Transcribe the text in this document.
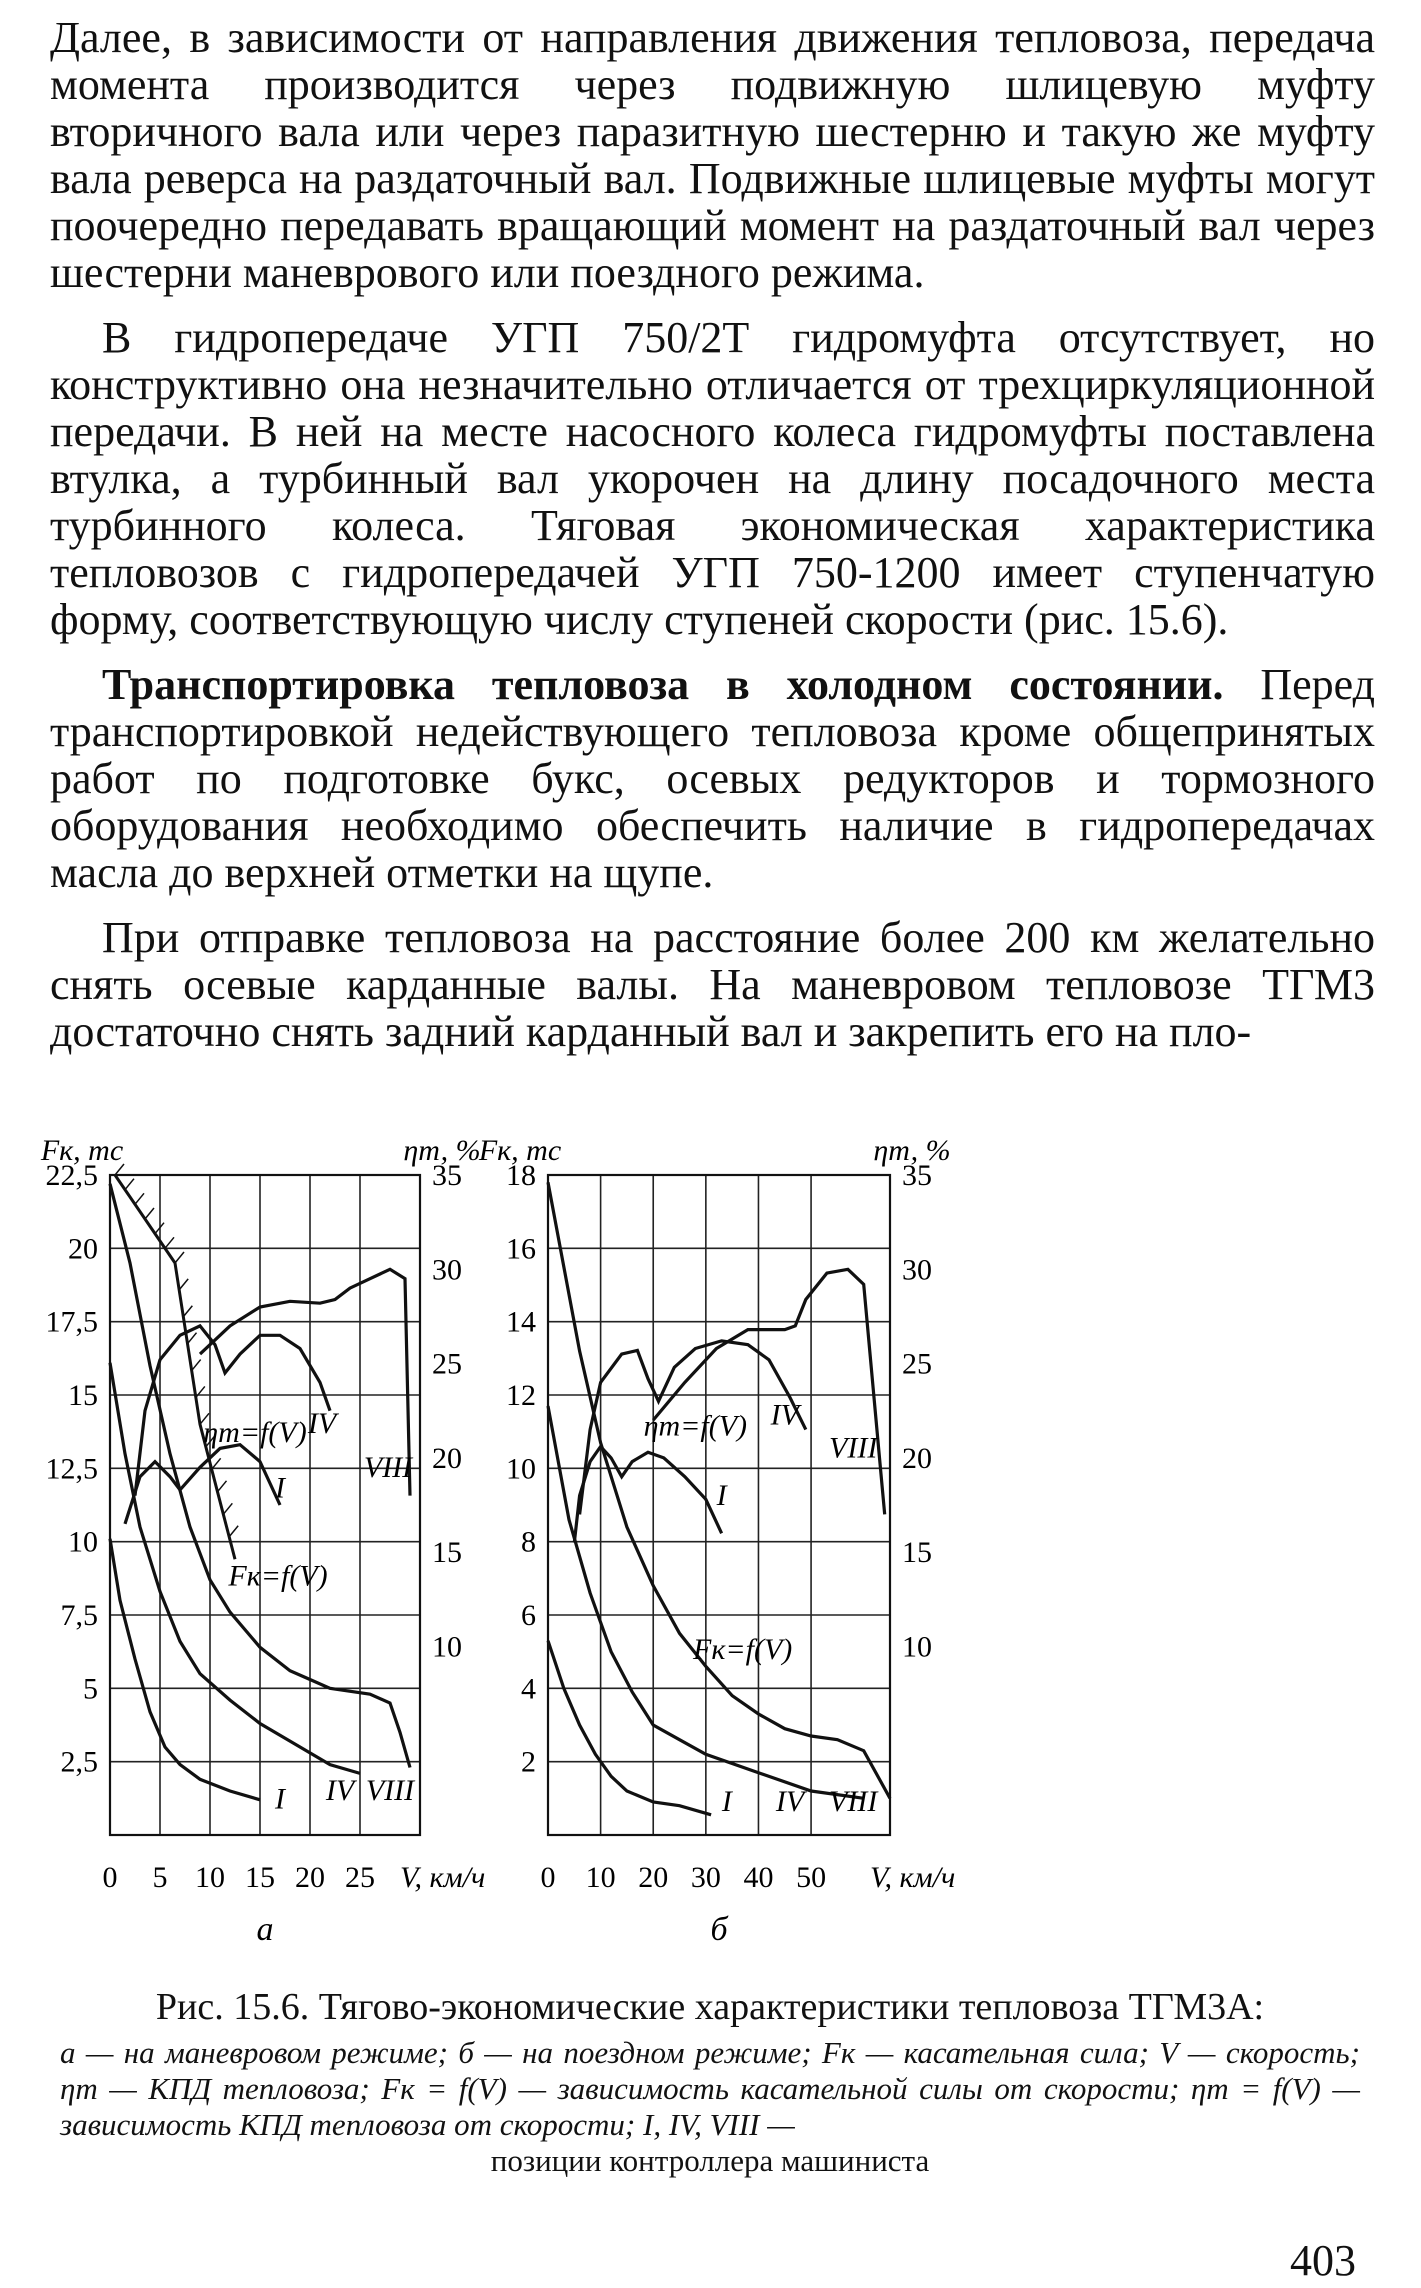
Далее, в зависимости от направления движения тепловоза, передача момента производится через подвижную шлицевую муфту вторичного вала или через паразитную шестерню и такую же муфту вала реверса на раздаточный вал. Подвижные шлицевые муфты могут поочередно передавать вращающий момент на раздаточный вал через шестерни маневрового или поездного режима.

В гидропередаче УГП 750/2Т гидромуфта отсутствует, но конструктивно она незначительно отличается от трехциркуляционной передачи. В ней на месте насосного колеса гидромуфты поставлена втулка, а турбинный вал укорочен на длину посадочного места турбинного колеса. Тяговая экономическая характеристика тепловозов с гидропередачей УГП 750-1200 имеет ступенчатую форму, соответствующую числу ступеней скорости (рис. 15.6).

Транспортировка тепловоза в холодном состоянии. Перед транспортировкой недействующего тепловоза кроме общепринятых работ по подготовке букс, осевых редукторов и тормозного оборудования необходимо обеспечить наличие в гидропередачах масла до верхней отметки на щупе.

При отправке тепловоза на расстояние более 200 км желательно снять осевые карданные валы. На маневровом тепловозе ТГМ3 достаточно снять задний карданный вал и закрепить его на пло-

0 5 10 15 20 25
2,5
5
7,5
10
12,5
15
17,5
20
22,5
10
15
20
25
30
35
Fк, тс	ηт, %
V, км/ч
а
ηт=f(V)
Fк=f(V)
I
IV
VIII
I IV VIII
0 10 20 30 40 50
2
4
6
8
10
12
14
16
18
10
15
20
25
30
35
Fк, тс	ηт, %
V, км/ч
б
ηт=f(V)
Fк=f(V)
I
IV
VIII
I IV VIII

Рис. 15.6. Тягово-экономические характеристики тепловоза ТГМ3А:

а — на маневровом режиме; б — на поездном режиме; Fк — касательная сила; V — скорость; ηт — КПД тепловоза; Fк = f(V) — зависимость касательной силы от скорости; ηт = f(V) — зависимость КПД тепловоза от скорости; I, IV, VIII —

позиции контроллера машиниста

403
